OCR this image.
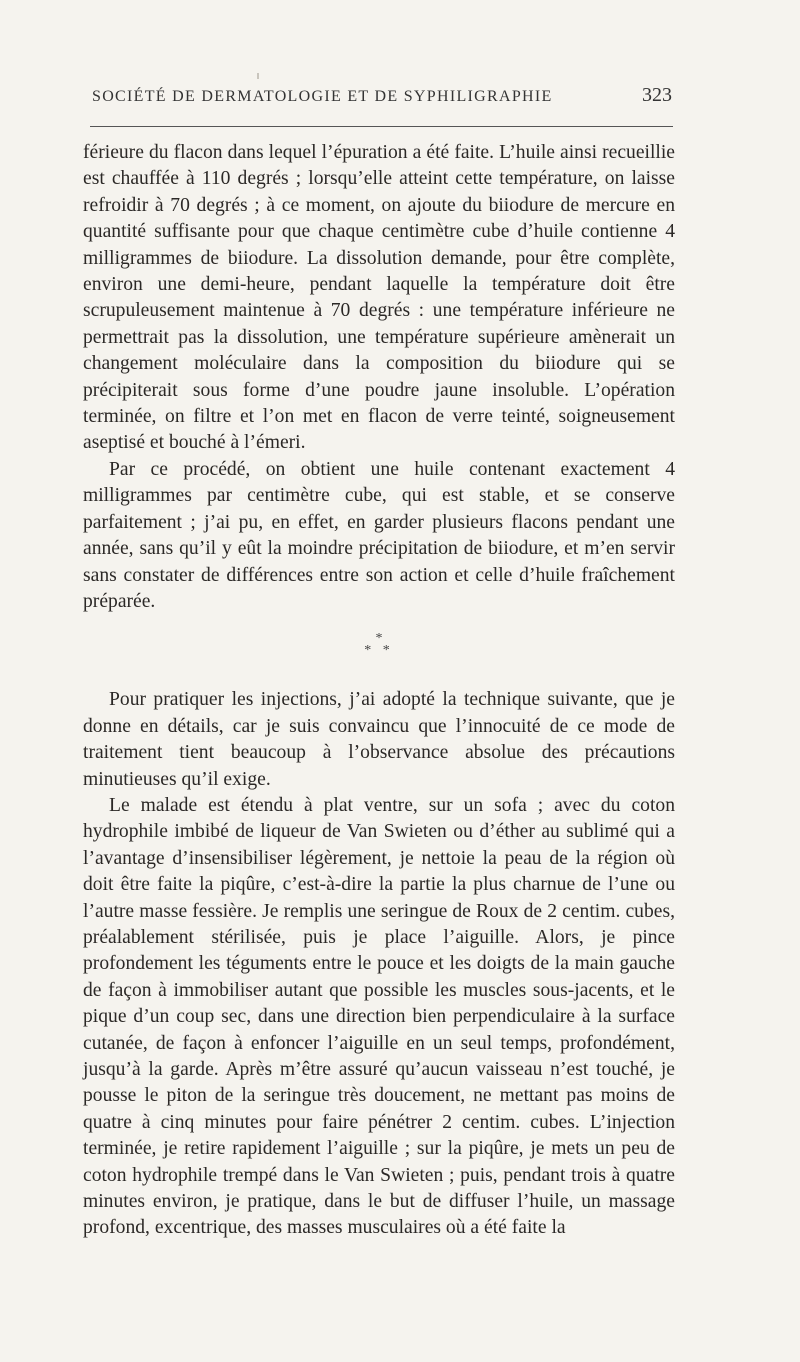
SOCIÉTÉ DE DERMATOLOGIE ET DE SYPHILIGRAPHIE	323

férieure du flacon dans lequel l’épuration a été faite. L’huile ainsi recueillie est chauffée à 110 degrés ; lorsqu’elle atteint cette température, on laisse refroidir à 70 degrés ; à ce moment, on ajoute du biiodure de mercure en quantité suffisante pour que chaque centimètre cube d’huile contienne 4 milligrammes de biiodure. La dissolution demande, pour être complète, environ une demi-heure, pendant laquelle la température doit être scrupuleusement maintenue à 70 degrés : une température inférieure ne permettrait pas la dissolution, une température supérieure amènerait un changement moléculaire dans la composition du biiodure qui se précipiterait sous forme d’une poudre jaune insoluble. L’opération terminée, on filtre et l’on met en flacon de verre teinté, soigneusement aseptisé et bouché à l’émeri.

Par ce procédé, on obtient une huile contenant exactement 4 milligrammes par centimètre cube, qui est stable, et se conserve parfaitement ; j’ai pu, en effet, en garder plusieurs flacons pendant une année, sans qu’il y eût la moindre précipitation de biiodure, et m’en servir sans constater de différences entre son action et celle d’huile fraîchement préparée.

*
* *

Pour pratiquer les injections, j’ai adopté la technique suivante, que je donne en détails, car je suis convaincu que l’innocuité de ce mode de traitement tient beaucoup à l’observance absolue des précautions minutieuses qu’il exige.

Le malade est étendu à plat ventre, sur un sofa ; avec du coton hydrophile imbibé de liqueur de Van Swieten ou d’éther au sublimé qui a l’avantage d’insensibiliser légèrement, je nettoie la peau de la région où doit être faite la piqûre, c’est-à-dire la partie la plus charnue de l’une ou l’autre masse fessière. Je remplis une seringue de Roux de 2 centim. cubes, préalablement stérilisée, puis je place l’aiguille. Alors, je pince profondement les téguments entre le pouce et les doigts de la main gauche de façon à immobiliser autant que possible les muscles sous-jacents, et le pique d’un coup sec, dans une direction bien perpendiculaire à la surface cutanée, de façon à enfoncer l’aiguille en un seul temps, profondément, jusqu’à la garde. Après m’être assuré qu’aucun vaisseau n’est touché, je pousse le piton de la seringue très doucement, ne mettant pas moins de quatre à cinq minutes pour faire pénétrer 2 centim. cubes. L’injection terminée, je retire rapidement l’aiguille ; sur la piqûre, je mets un peu de coton hydrophile trempé dans le Van Swieten ; puis, pendant trois à quatre minutes environ, je pratique, dans le but de diffuser l’huile, un massage profond, excentrique, des masses musculaires où a été faite la
